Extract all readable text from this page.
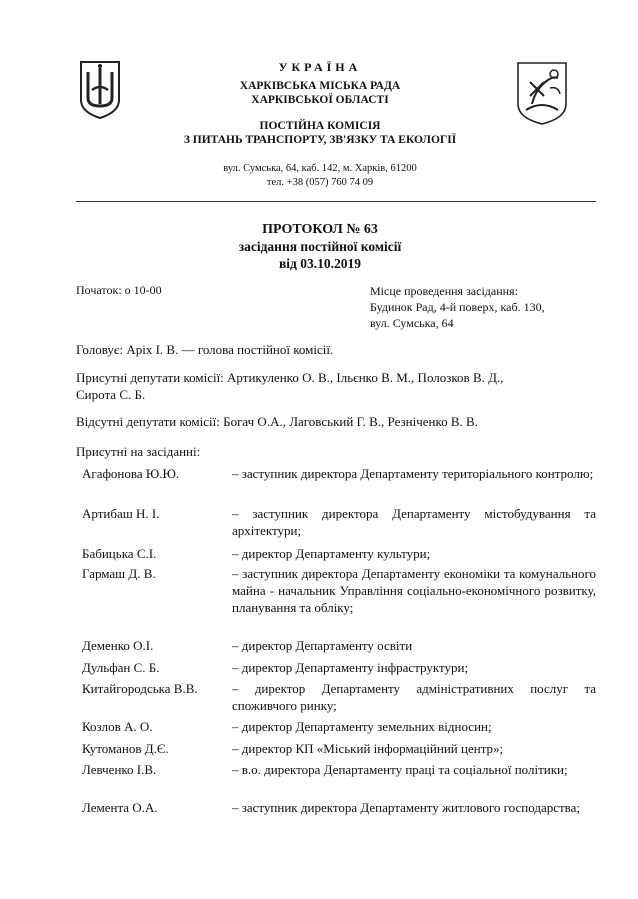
УКРАЇНА
ХАРКІВСЬКА МІСЬКА РАДА
ХАРКІВСЬКОЇ ОБЛАСТІ
ПОСТІЙНА КОМІСІЯ
З ПИТАНЬ ТРАНСПОРТУ, ЗВ'ЯЗКУ ТА ЕКОЛОГІЇ
вул. Сумська, 64, каб. 142, м. Харків, 61200
тел. +38 (057) 760 74 09
ПРОТОКОЛ № 63
засідання постійної комісії
від 03.10.2019
Початок: о 10-00	Місце проведення засідання:
Будинок Рад, 4-й поверх, каб. 130,
вул. Сумська, 64
Головує: Аріх І. В. — голова постійної комісії.
Присутні депутати комісії: Артикуленко О. В., Ільєнко В. М., Полозков В. Д.,
Сирота С. Б.
Відсутні депутати комісії: Богач О.А., Лаговський Г. В., Резніченко В. В.
Присутні на засіданні:
Агафонова Ю.Ю.	– заступник директора Департаменту територіального контролю;
Артибаш Н. І.	– заступник директора Департаменту містобудування та архітектури;
Бабицька С.І.	– директор Департаменту культури;
Гармаш Д. В.	– заступник директора Департаменту економіки та комунального майна - начальник Управління соціально-економічного розвитку, планування та обліку;
Деменко О.І.	– директор Департаменту освіти
Дульфан С. Б.	– директор Департаменту інфраструктури;
Китайгородська В.В.	– директор Департаменту адміністративних послуг та споживчого ринку;
Козлов А. О.	– директор Департаменту земельних відносин;
Кутоманов Д.Є.	– директор КП «Міський інформаційний центр»;
Левченко І.В.	– в.о. директора Департаменту праці та соціальної політики;
Лемента О.А.	– заступник директора Департаменту житлового господарства;
